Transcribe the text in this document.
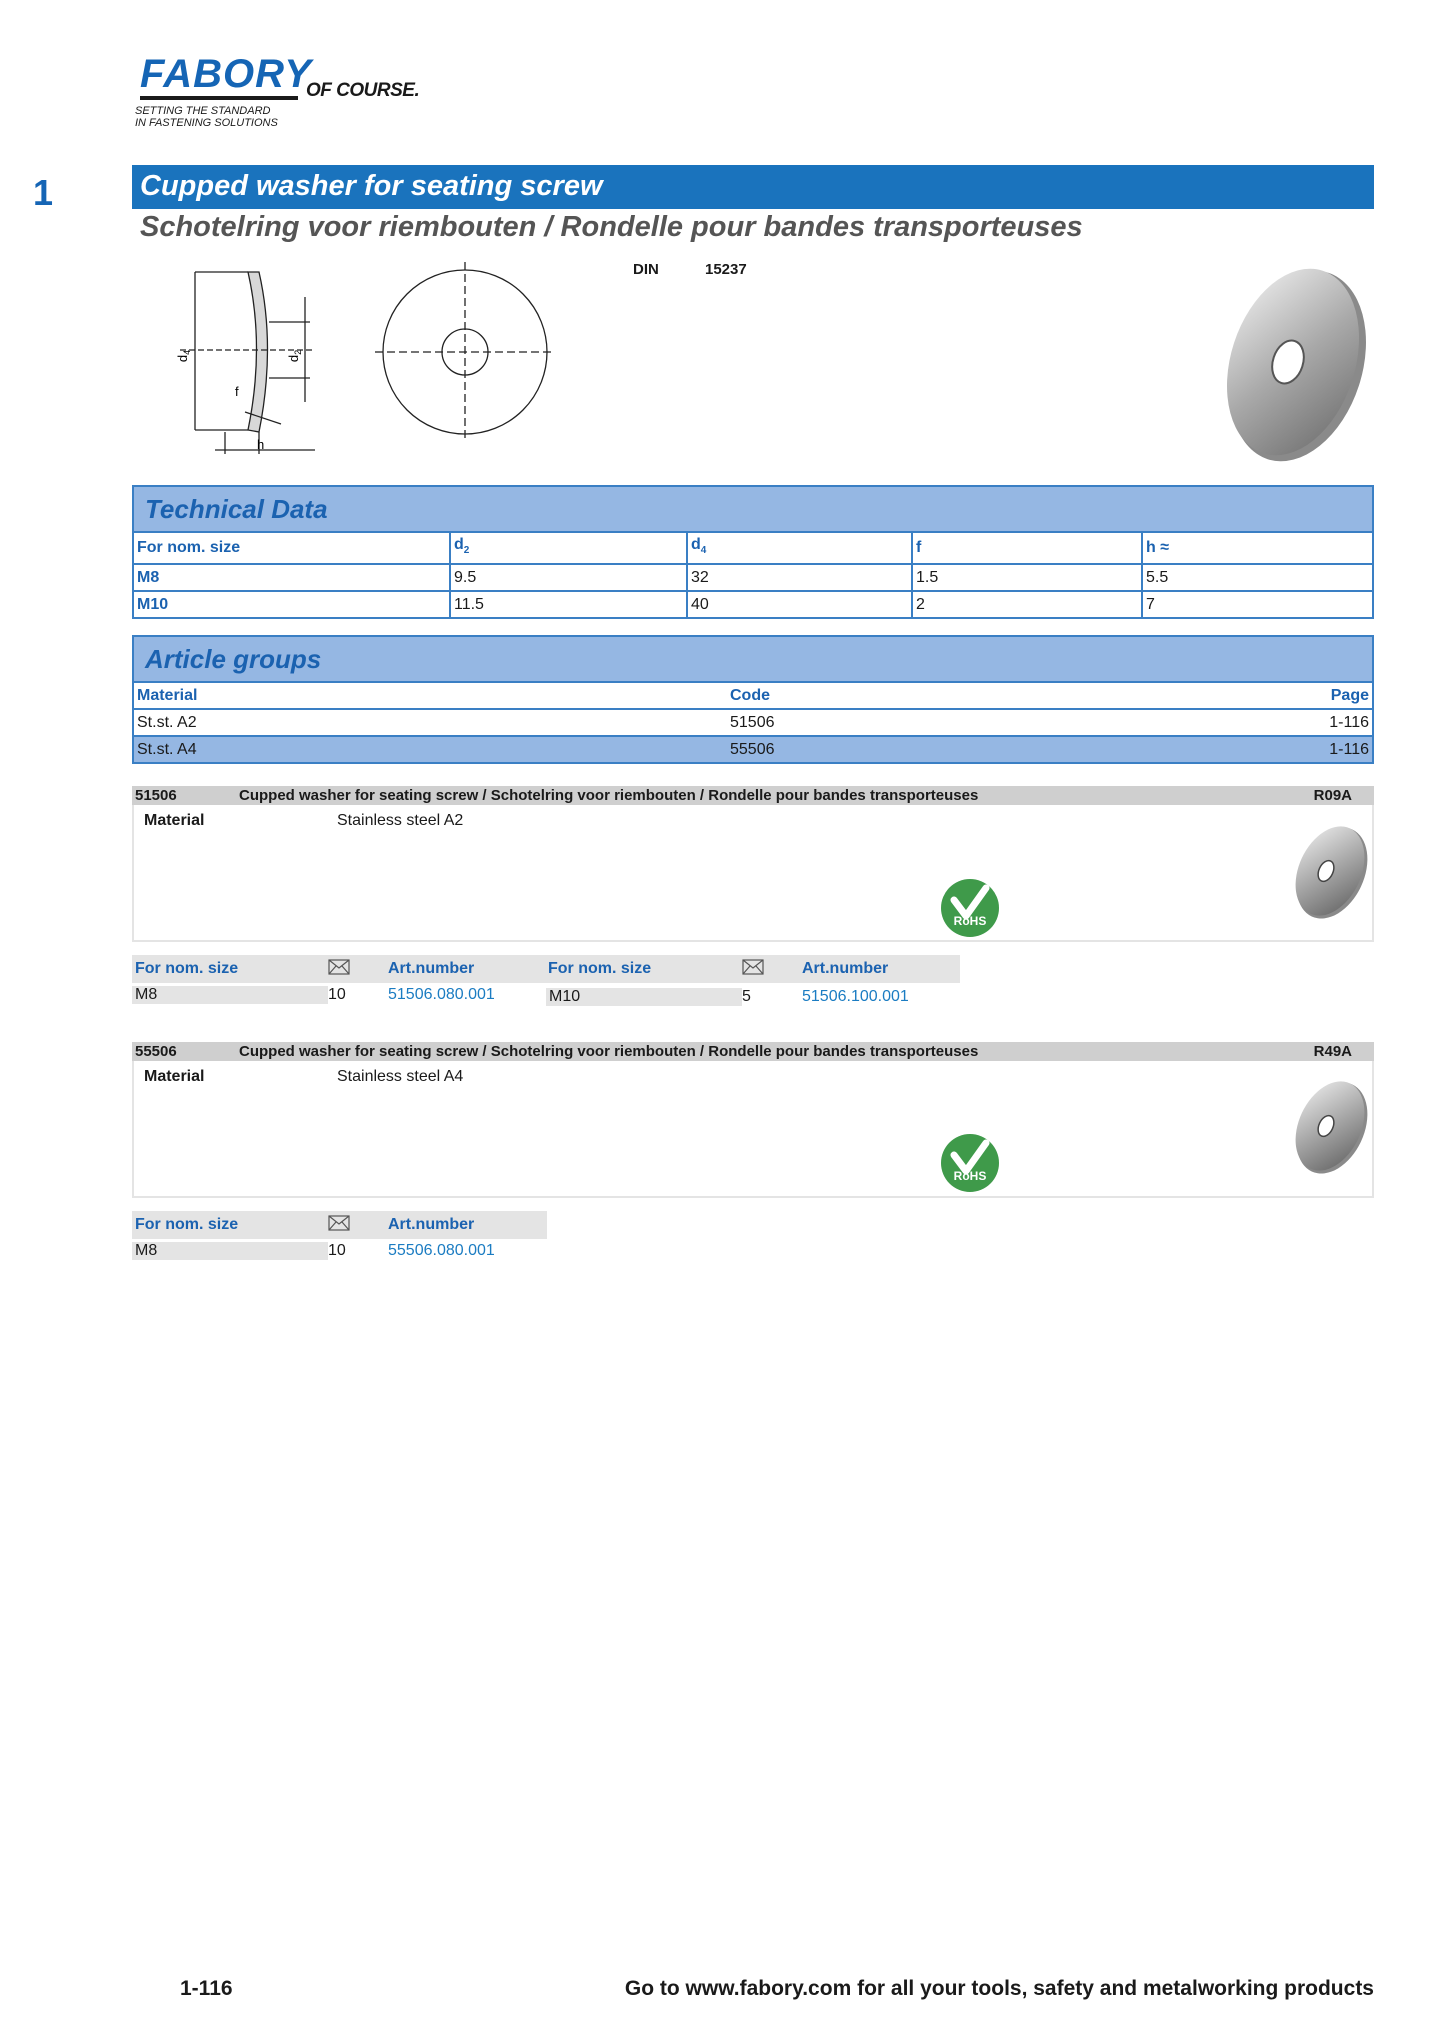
FABORY
OF COURSE.
SETTING THE STANDARD
IN FASTENING SOLUTIONS
1	Cupped washer for seating screw
Schotelring voor riembouten / Rondelle pour bandes transporteuses
$d_4$
$d_2$
f
h
DIN	15237
Technical Data
For nom. size	$d_2$	$d_4$	f	h ≈
M8	9.5	32	1.5	5.5
M10	11.5	40	2	7
Article groups
Material	Code	Page
St.st. A2	51506	1-116
St.st. A4	55506	1-116
51506	Cupped washer for seating screw / Schotelring voor riembouten / Rondelle pour bandes transporteuses	R09A
Material	Stainless steel A2
RoHS
For nom. size	Art.number	For nom. size	Art.number
M8	10	51506.080.001	M10	5	51506.100.001
55506	Cupped washer for seating screw / Schotelring voor riembouten / Rondelle pour bandes transporteuses	R49A
Material	Stainless steel A4
RoHS
For nom. size	Art.number
M8	10	55506.080.001
1-116	Go to www.fabory.com for all your tools, safety and metalworking products
